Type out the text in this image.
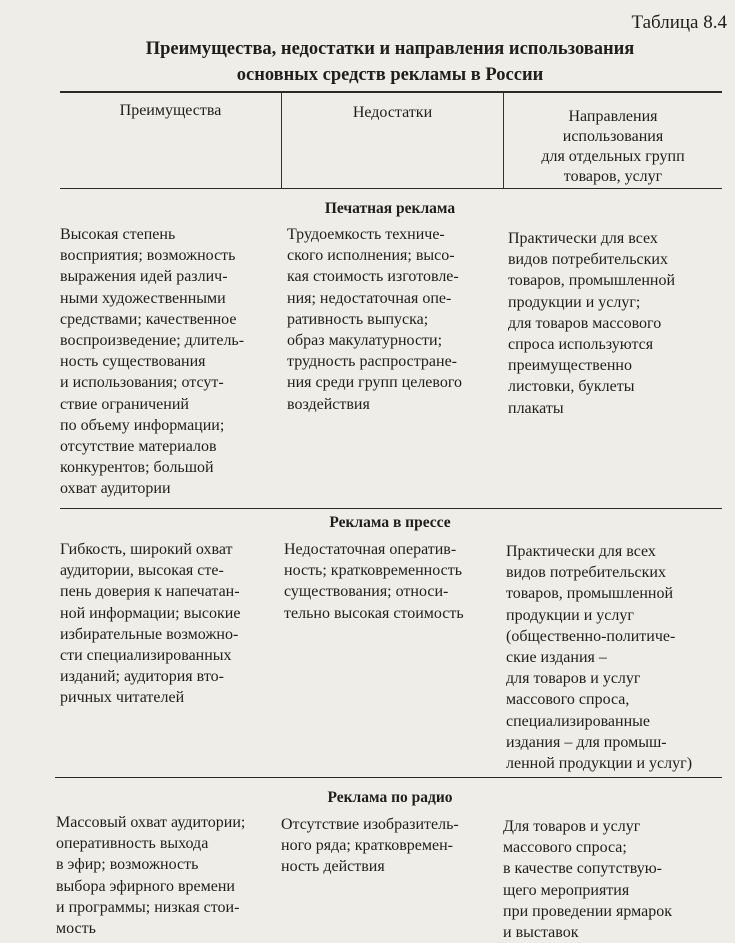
Таблица 8.4
Преимущества, недостатки и направления использования
основных средств рекламы в России
Преимущества	Недостатки	Направления
использования
для отдельных групп
товаров, услуг
Печатная реклама
Высокая степень
восприятия; возможность
выражения идей различ-
ными художественными
средствами; качественное
воспроизведение; длитель-
ность существования
и использования; отсут-
ствие ограничений
по объему информации;
отсутствие материалов
конкурентов; большой
охват аудитории
Трудоемкость техниче-
ского исполнения; высо-
кая стоимость изготовле-
ния; недостаточная опе-
ративность выпуска;
образ макулатурности;
трудность распростране-
ния среди групп целевого
воздействия
Практически для всех
видов потребительских
товаров, промышленной
продукции и услуг;
для товаров массового
спроса используются
преимущественно
листовки, буклеты
плакаты
Реклама в прессе
Гибкость, широкий охват
аудитории, высокая сте-
пень доверия к напечатан-
ной информации; высокие
избирательные возможно-
сти специализированных
изданий; аудитория вто-
ричных читателей
Недостаточная оператив-
ность; кратковременность
существования; относи-
тельно высокая стоимость
Практически для всех
видов потребительских
товаров, промышленной
продукции и услуг
(общественно-политиче-
ские издания –
для товаров и услуг
массового спроса,
специализированные
издания – для промыш-
ленной продукции и услуг)
Реклама по радио
Массовый охват аудитории;
оперативность выхода
в эфир; возможность
выбора эфирного времени
и программы; низкая стои-
мость
Отсутствие изобразитель-
ного ряда; кратковремен-
ность действия
Для товаров и услуг
массового спроса;
в качестве сопутствую-
щего мероприятия
при проведении ярмарок
и выставок
